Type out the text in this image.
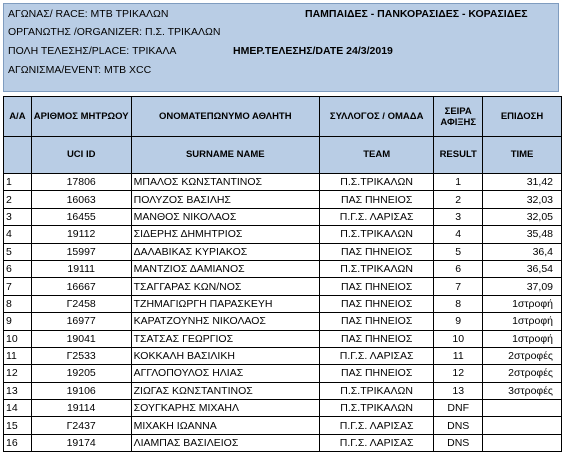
ΑΓΩΝΑΣ/ RACE: MTB ΤΡΙΚΑΛΩΝ	ΠΑΜΠΑΙΔΕΣ - ΠΑΝΚΟΡΑΣΙΔΕΣ - ΚΟΡΑΣΙΔΕΣ
ΟΡΓΑΝΩΤΗΣ /ORGANIZER: Π.Σ. ΤΡΙΚΑΛΩΝ
ΠΟΛΗ ΤΕΛΕΣΗΣ/PLACE: ΤΡΙΚΑΛΑ	ΗΜΕΡ.ΤΕΛΕΣΗΣ/DATE 24/3/2019
ΑΓΩΝΙΣΜΑ/EVENT: MTB XCC
Α/Α	ΑΡΙΘΜΟΣ ΜΗΤΡΩΟΥ	ΟΝΟΜΑΤΕΠΩΝΥΜΟ ΑΘΛΗΤΗ	ΣΥΛΛΟΓΟΣ / ΟΜΑΔΑ	ΣΕΙΡΑ ΑΦΙΞΗΣ	ΕΠΙΔΟΣΗ
	UCI ID	SURNAME NAME	TEAM	RESULT	TIME
1	17806	ΜΠΑΛΟΣ ΚΩΝΣΤΑΝΤΙΝΟΣ	Π.Σ.ΤΡΙΚΑΛΩΝ	1	31,42
2	16063	ΠΟΛΥΖΟΣ ΒΑΣΙΛΗΣ	ΠΑΣ ΠΗΝΕΙΟΣ	2	32,03
3	16455	ΜΑΝΘΟΣ ΝΙΚΟΛΑΟΣ	Π.Γ.Σ. ΛΑΡΙΣΑΣ	3	32,05
4	19112	ΣΙΔΕΡΗΣ ΔΗΜΗΤΡΙΟΣ	Π.Σ.ΤΡΙΚΑΛΩΝ	4	35,48
5	15997	ΔΑΛΑΒΙΚΑΣ ΚΥΡΙΑΚΟΣ	ΠΑΣ ΠΗΝΕΙΟΣ	5	36,4
6	19111	ΜΑΝΤΖΙΟΣ ΔΑΜΙΑΝΟΣ	Π.Σ.ΤΡΙΚΑΛΩΝ	6	36,54
7	16667	ΤΣΑΓΓΑΡΑΣ ΚΩΝ/ΝΟΣ	ΠΑΣ ΠΗΝΕΙΟΣ	7	37,09
8	Γ2458	ΤΖΗΜΑΓΙΩΡΓΗ ΠΑΡΑΣΚΕΥΗ	ΠΑΣ ΠΗΝΕΙΟΣ	8	1στροφή
9	16977	ΚΑΡΑΤΖΟΥΝΗΣ ΝΙΚΟΛΑΟΣ	ΠΑΣ ΠΗΝΕΙΟΣ	9	1στροφή
10	19041	ΤΣΑΤΣΑΣ ΓΕΩΡΓΙΟΣ	ΠΑΣ ΠΗΝΕΙΟΣ	10	1στροφή
11	Γ2533	ΚΟΚΚΑΛΗ ΒΑΣΙΛΙΚΗ	Π.Γ.Σ. ΛΑΡΙΣΑΣ	11	2στροφές
12	19205	ΑΓΓΛΟΠΟΥΛΟΣ ΗΛΙΑΣ	ΠΑΣ ΠΗΝΕΙΟΣ	12	2στροφές
13	19106	ΖΙΩΓΑΣ ΚΩΝΣΤΑΝΤΙΝΟΣ	Π.Σ.ΤΡΙΚΑΛΩΝ	13	3στροφές
14	19114	ΣΟΥΓΚΑΡΗΣ ΜΙΧΑΗΛ	Π.Σ.ΤΡΙΚΑΛΩΝ	DNF	
15	Γ2437	ΜΙΧΑΚΗ ΙΩΑΝΝΑ	Π.Γ.Σ. ΛΑΡΙΣΑΣ	DNS	
16	19174	ΛΙΑΜΠΑΣ ΒΑΣΙΛΕΙΟΣ	Π.Γ.Σ. ΛΑΡΙΣΑΣ	DNS	
